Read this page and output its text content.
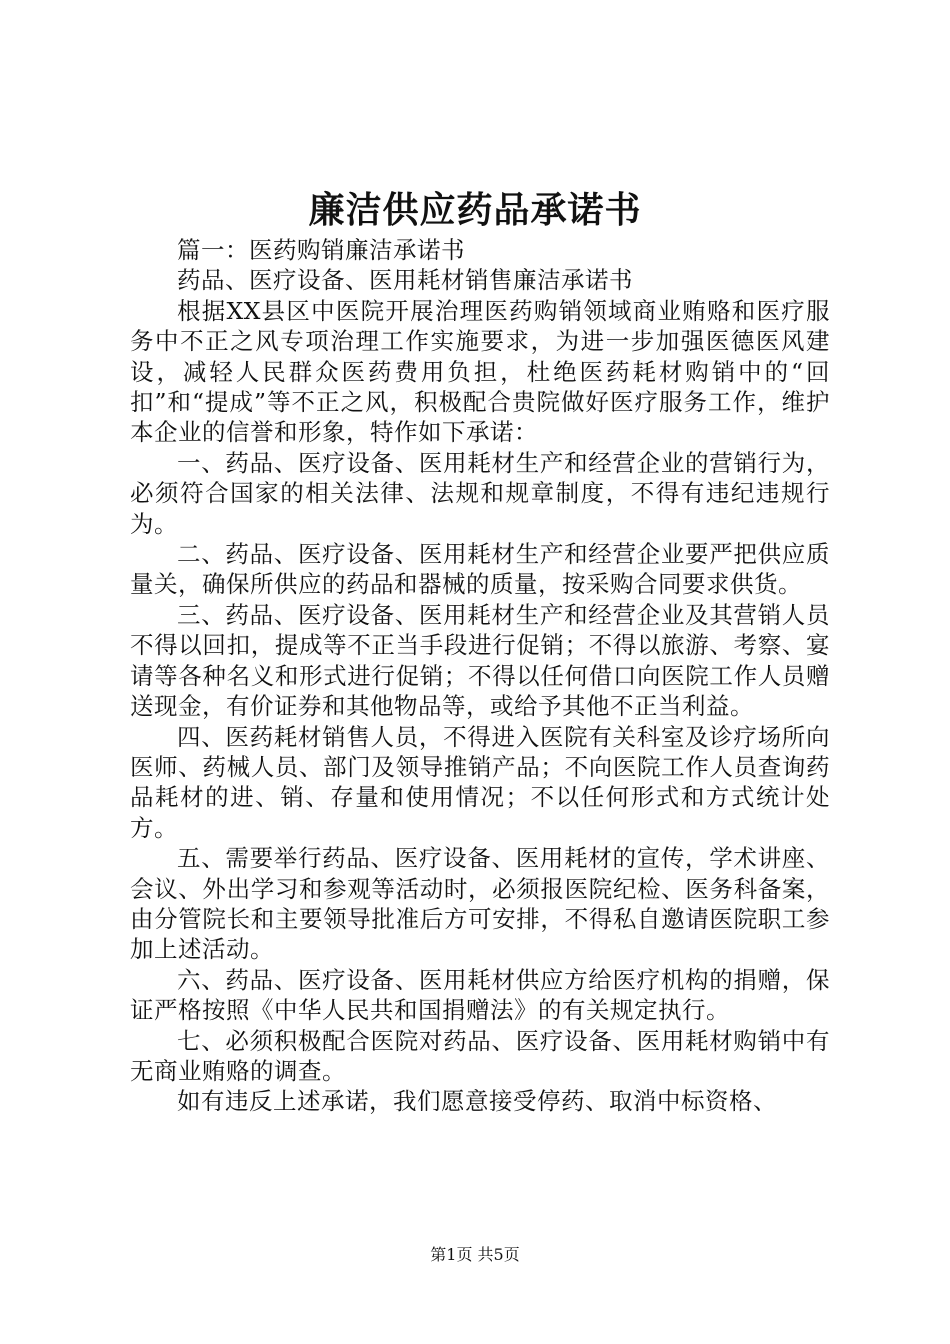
廉洁供应药品承诺书

篇一：医药购销廉洁承诺书

药品、医疗设备、医用耗材销售廉洁承诺书

根据XX县区中医院开展治理医药购销领域商业贿赂和医疗服务中不正之风专项治理工作实施要求，为进一步加强医德医风建设，减轻人民群众医药费用负担，杜绝医药耗材购销中的“回扣”和“提成”等不正之风，积极配合贵院做好医疗服务工作，维护本企业的信誉和形象，特作如下承诺：

一、药品、医疗设备、医用耗材生产和经营企业的营销行为，必须符合国家的相关法律、法规和规章制度，不得有违纪违规行为。

二、药品、医疗设备、医用耗材生产和经营企业要严把供应质量关，确保所供应的药品和器械的质量，按采购合同要求供货。

三、药品、医疗设备、医用耗材生产和经营企业及其营销人员不得以回扣，提成等不正当手段进行促销；不得以旅游、考察、宴请等各种名义和形式进行促销；不得以任何借口向医院工作人员赠送现金，有价证券和其他物品等，或给予其他不正当利益。

四、医药耗材销售人员，不得进入医院有关科室及诊疗场所向医师、药械人员、部门及领导推销产品；不向医院工作人员查询药品耗材的进、销、存量和使用情况；不以任何形式和方式统计处方。

五、需要举行药品、医疗设备、医用耗材的宣传，学术讲座、会议、外出学习和参观等活动时，必须报医院纪检、医务科备案，由分管院长和主要领导批准后方可安排，不得私自邀请医院职工参加上述活动。

六、药品、医疗设备、医用耗材供应方给医疗机构的捐赠，保证严格按照《中华人民共和国捐赠法》的有关规定执行。

七、必须积极配合医院对药品、医疗设备、医用耗材购销中有无商业贿赂的调查。

如有违反上述承诺，我们愿意接受停药、取消中标资格、

第1页 共5页
